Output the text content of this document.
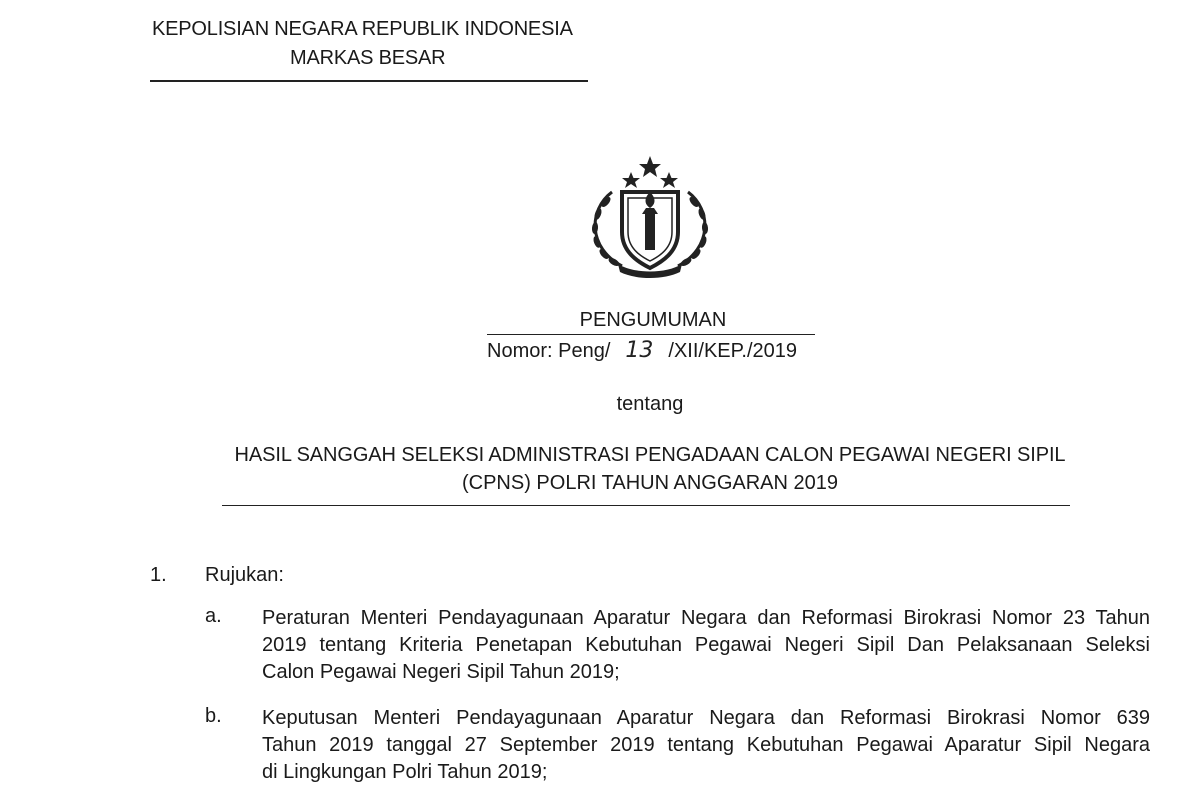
KEPOLISIAN NEGARA REPUBLIK INDONESIA
MARKAS BESAR
PENGUMUMAN
Nomor: Peng/ 13 /XII/KEP./2019
tentang
HASIL SANGGAH SELEKSI ADMINISTRASI PENGADAAN CALON PEGAWAI NEGERI SIPIL
(CPNS) POLRI TAHUN ANGGARAN 2019
1. Rujukan:
a. Peraturan Menteri Pendayagunaan Aparatur Negara dan Reformasi Birokrasi Nomor 23 Tahun
2019 tentang Kriteria Penetapan Kebutuhan Pegawai Negeri Sipil Dan Pelaksanaan Seleksi
Calon Pegawai Negeri Sipil Tahun 2019;
b. Keputusan Menteri Pendayagunaan Aparatur Negara dan Reformasi Birokrasi Nomor 639
Tahun 2019 tanggal 27 September 2019 tentang Kebutuhan Pegawai Aparatur Sipil Negara
di Lingkungan Polri Tahun 2019;
